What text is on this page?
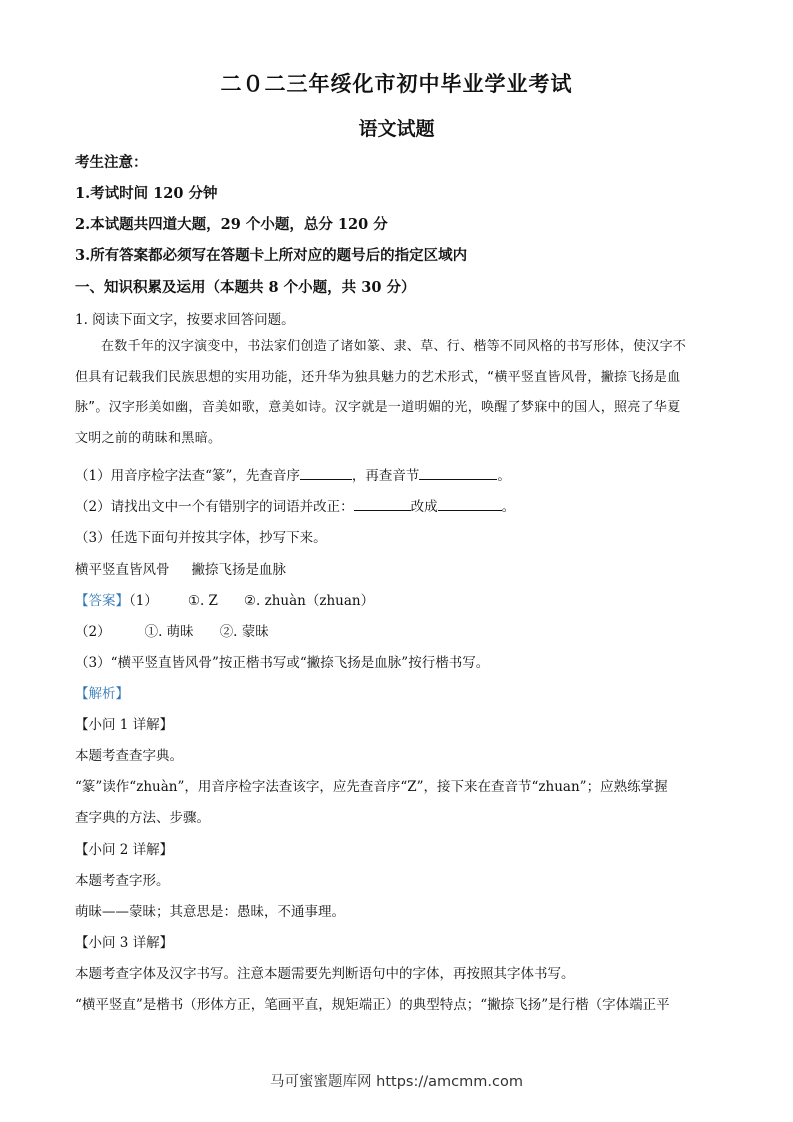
二０二三年绥化市初中毕业学业考试
语文试题
考生注意：
1.考试时间 120 分钟
2.本试题共四道大题，29 个小题，总分 120 分
3.所有答案都必须写在答题卡上所对应的题号后的指定区域内
一、知识积累及运用（本题共 8 个小题，共 30 分）
1. 阅读下面文字，按要求回答问题。
在数千年的汉字演变中，书法家们创造了诸如篆、隶、草、行、楷等不同风格的书写形体，使汉字不
但具有记载我们民族思想的实用功能，还升华为独具魅力的艺术形式，“横平竖直皆风骨，撇捺飞扬是血
脉”。汉字形美如幽，音美如歌，意美如诗。汉字就是一道明媚的光，唤醒了梦寐中的国人，照亮了华夏
文明之前的萌昧和黑暗。
（1）用音序检字法查“篆”，先查音序	，再查音节	。
（2）请找出文中一个有错别字的词语并改正：	改成	。
（3）任选下面句并按其字体，抄写下来。
横平竖直皆风骨 撇捺飞扬是血脉
【答案】（1） ①. Z ②. zhuàn（zhuan）
（2）	①. 萌昧 ②. 蒙昧
（3）“横平竖直皆风骨”按正楷书写或“撇捺飞扬是血脉”按行楷书写。
【解析】
【小问 1 详解】
本题考查查字典。
“篆”读作“zhuàn”，用音序检字法查该字，应先查音序“Z”，接下来在查音节“zhuan”；应熟练掌握
查字典的方法、步骤。
【小问 2 详解】
本题考查字形。
萌昧——蒙昧；其意思是：愚昧，不通事理。
【小问 3 详解】
本题考查字体及汉字书写。注意本题需要先判断语句中的字体，再按照其字体书写。
“横平竖直”是楷书（形体方正，笔画平直，规矩端正）的典型特点；“撇捺飞扬”是行楷（字体端正平
马可蜜蜜题库网 https://amcmm.com
